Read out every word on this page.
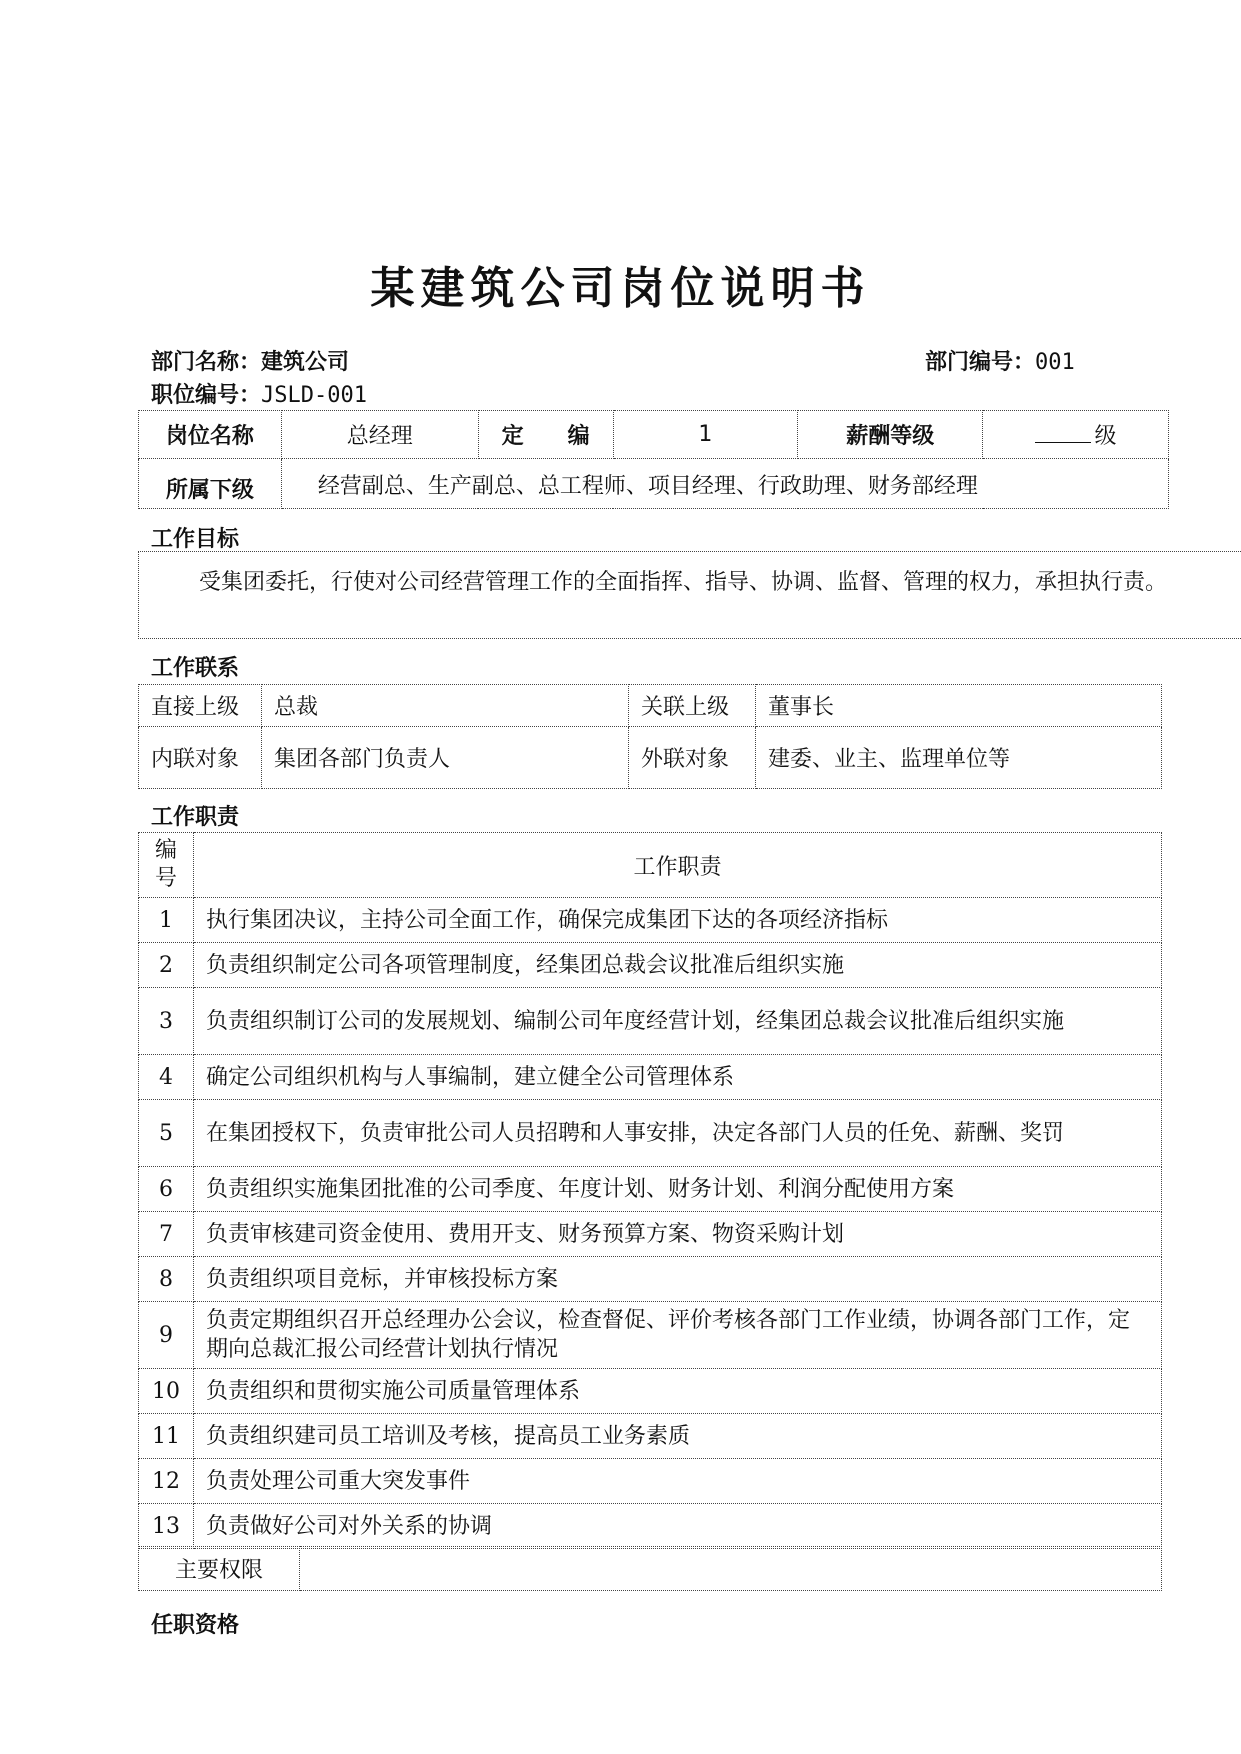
某建筑公司岗位说明书
部门名称：建筑公司	部门编号：001
职位编号：JSLD-001
岗位名称	总经理	定　　编	1	薪酬等级	级
所属下级	经营副总、生产副总、总工程师、项目经理、行政助理、财务部经理				
工作目标
受集团委托，行使对公司经营管理工作的全面指挥、指导、协调、监督、管理的权力，承担执行责。
工作联系
直接上级	总裁	关联上级	董事长
内联对象	集团各部门负责人	外联对象	建委、业主、监理单位等
工作职责
编号	工作职责
1	执行集团决议，主持公司全面工作，确保完成集团下达的各项经济指标
2	负责组织制定公司各项管理制度，经集团总裁会议批准后组织实施
3	负责组织制订公司的发展规划、编制公司年度经营计划，经集团总裁会议批准后组织实施
4	确定公司组织机构与人事编制，建立健全公司管理体系
5	在集团授权下，负责审批公司人员招聘和人事安排，决定各部门人员的任免、薪酬、奖罚
6	负责组织实施集团批准的公司季度、年度计划、财务计划、利润分配使用方案
7	负责审核建司资金使用、费用开支、财务预算方案、物资采购计划
8	负责组织项目竞标，并审核投标方案
9	负责定期组织召开总经理办公会议，检查督促、评价考核各部门工作业绩，协调各部门工作，定期向总裁汇报公司经营计划执行情况
10	负责组织和贯彻实施公司质量管理体系
11	负责组织建司员工培训及考核，提高员工业务素质
12	负责处理公司重大突发事件
13	负责做好公司对外关系的协调
主要权限	
任职资格
